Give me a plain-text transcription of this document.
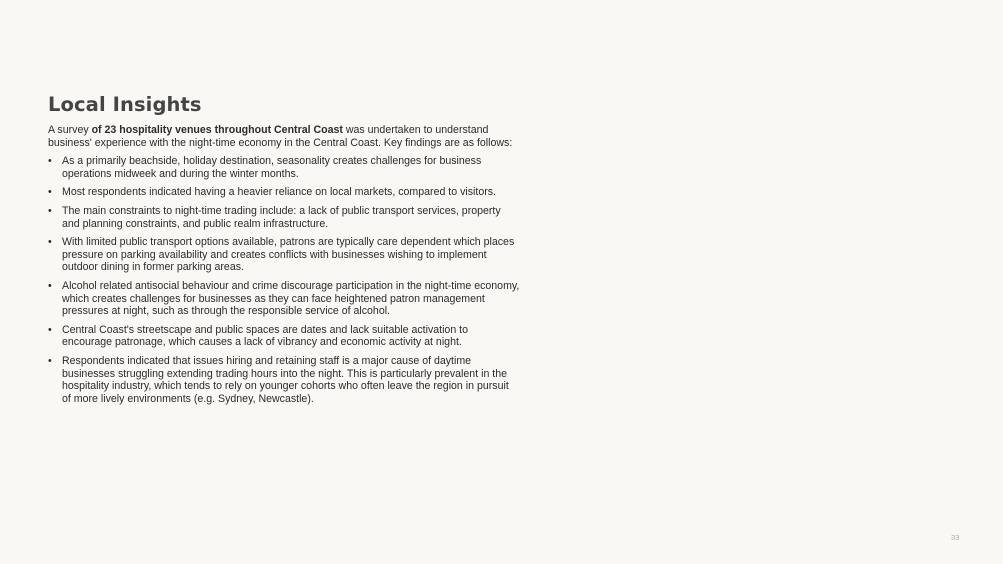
Local Insights

A survey of 23 hospitality venues throughout Central Coast was undertaken to understand business' experience with the night-time economy in the Central Coast. Key findings are as follows:

• As a primarily beachside, holiday destination, seasonality creates challenges for business operations midweek and during the winter months.
• Most respondents indicated having a heavier reliance on local markets, compared to visitors.
• The main constraints to night-time trading include: a lack of public transport services, property and planning constraints, and public realm infrastructure.
• With limited public transport options available, patrons are typically care dependent which places pressure on parking availability and creates conflicts with businesses wishing to implement outdoor dining in former parking areas.
• Alcohol related antisocial behaviour and crime discourage participation in the night-time economy, which creates challenges for businesses as they can face heightened patron management pressures at night, such as through the responsible service of alcohol.
• Central Coast's streetscape and public spaces are dates and lack suitable activation to encourage patronage, which causes a lack of vibrancy and economic activity at night.
• Respondents indicated that issues hiring and retaining staff is a major cause of daytime businesses struggling extending trading hours into the night. This is particularly prevalent in the hospitality industry, which tends to rely on younger cohorts who often leave the region in pursuit of more lively environments (e.g. Sydney, Newcastle).
33
